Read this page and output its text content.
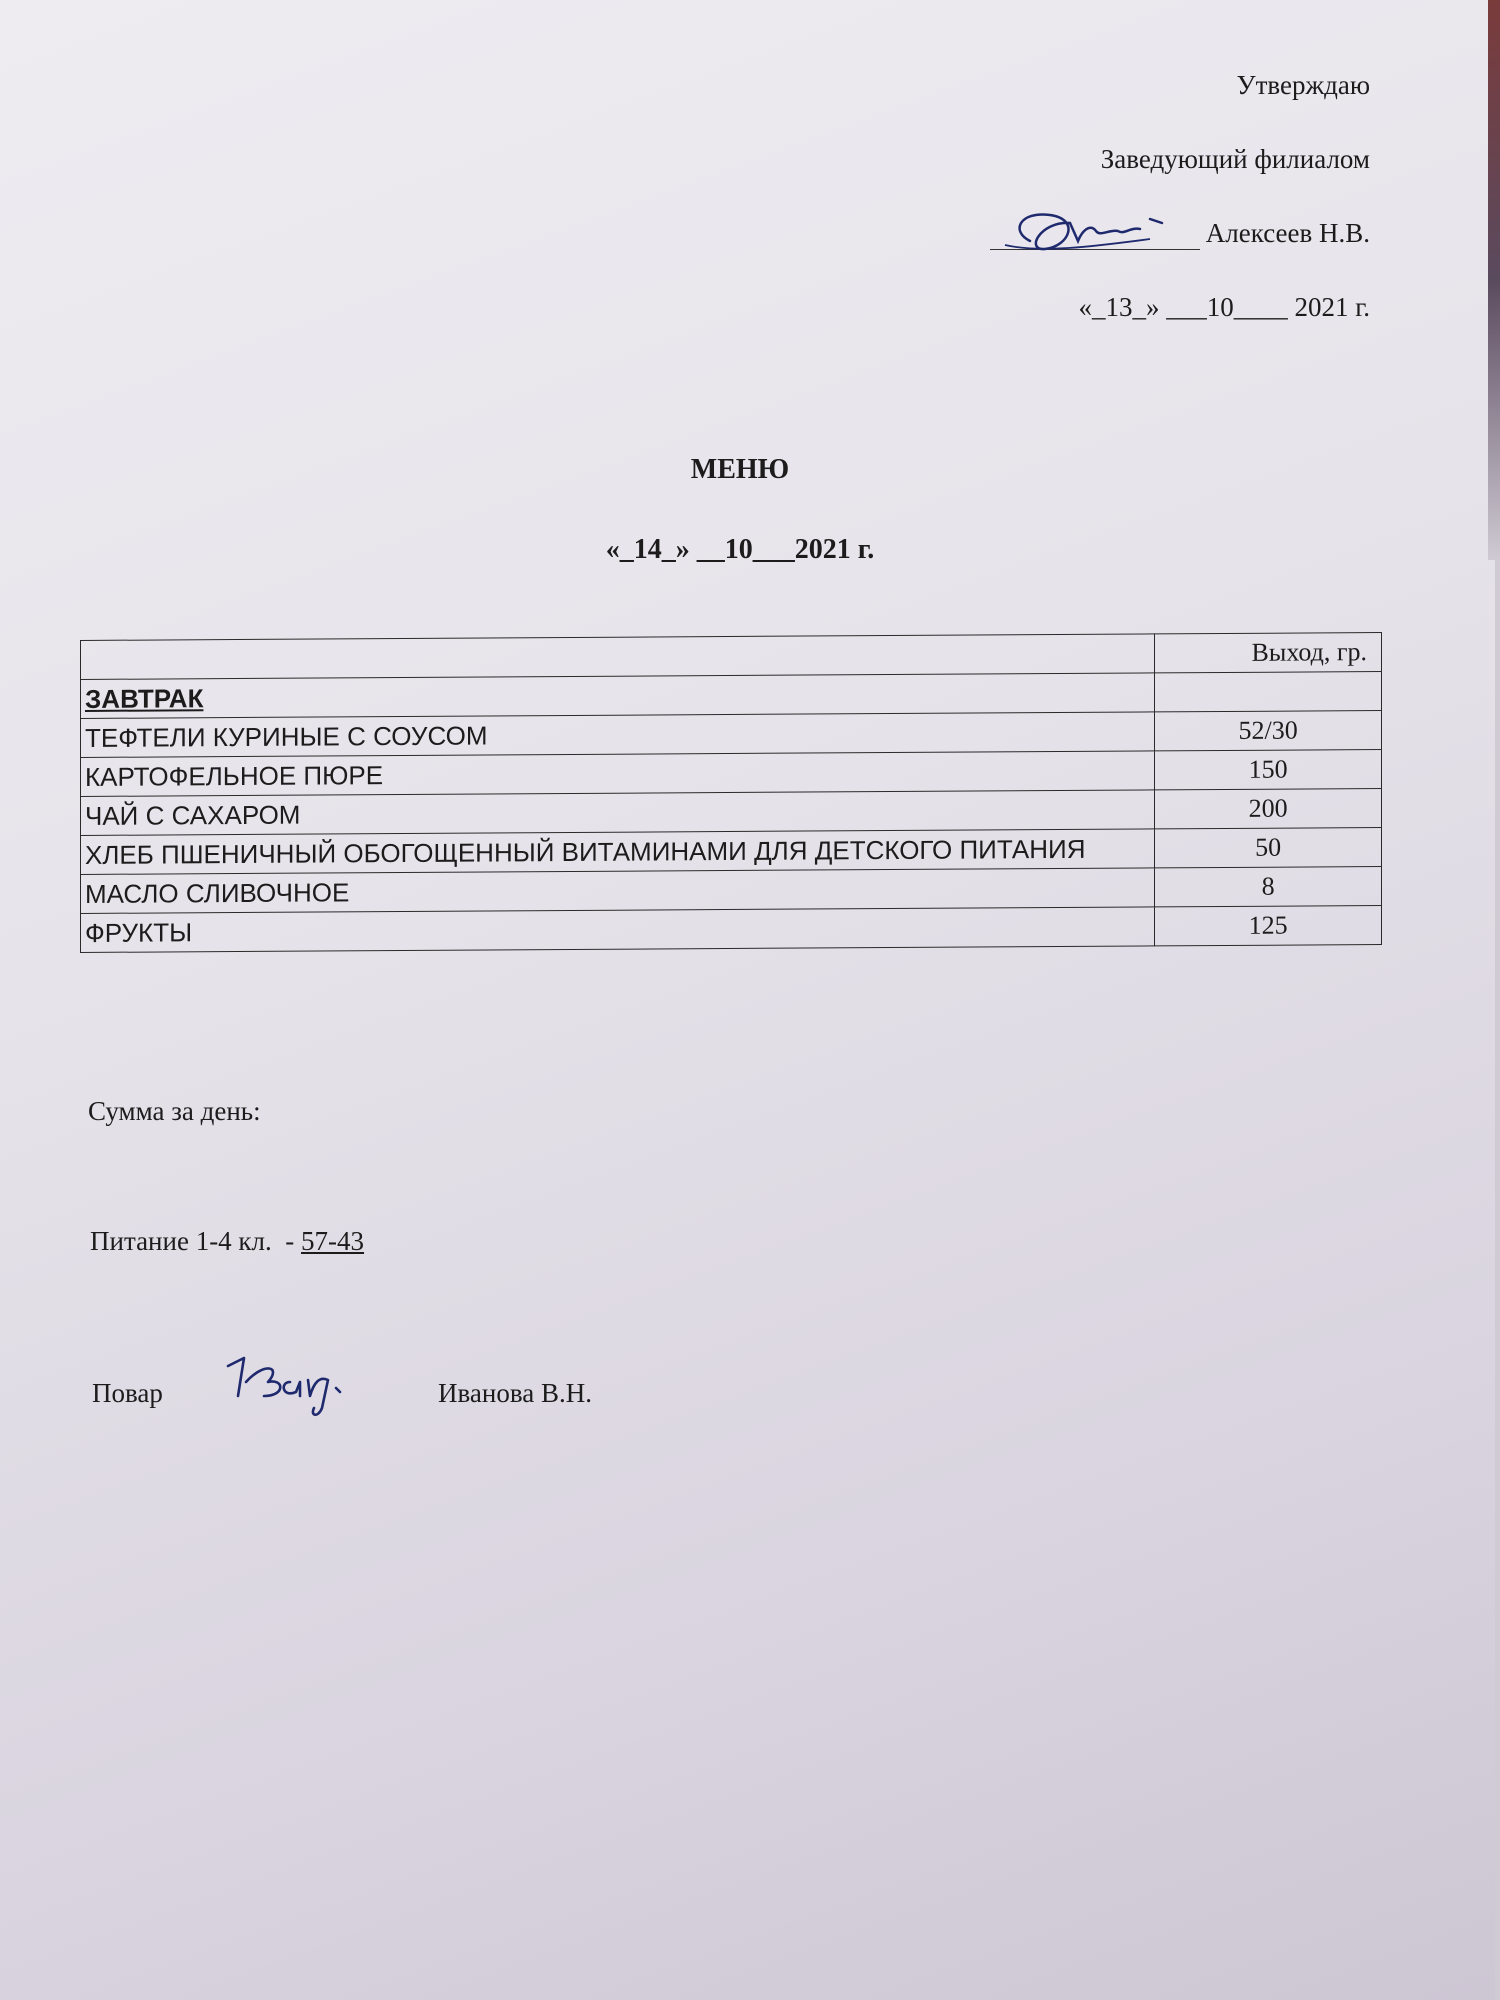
Утверждаю
Заведующий филиалом
Алексеев Н.В.
«_13_» ___10____ 2021 г.
МЕНЮ
«_14_» __10___2021 г.
	Выход, гр.
ЗАВТРАК	
ТЕФТЕЛИ КУРИНЫЕ С СОУСОМ	52/30
КАРТОФЕЛЬНОЕ ПЮРЕ	150
ЧАЙ С САХАРОМ	200
ХЛЕБ ПШЕНИЧНЫЙ ОБОГОЩЕННЫЙ ВИТАМИНАМИ ДЛЯ ДЕТСКОГО ПИТАНИЯ	50
МАСЛО СЛИВОЧНОЕ	8
ФРУКТЫ	125
Сумма за день:
Питание 1-4 кл.  - 57-43
Повар	Иванова В.Н.
